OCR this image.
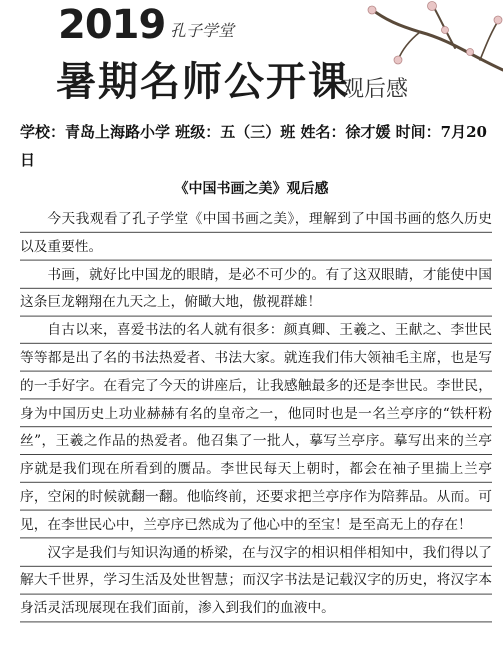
2019 孔子学堂
暑期名师公开课
观后感
学校：青岛上海路小学 班级：五（三）班 姓名：徐才媛 时间：7月20日
《中国书画之美》观后感

今天我观看了孔子学堂《中国书画之美》，理解到了中国书画的悠久历史以及重要性。

书画，就好比中国龙的眼睛，是必不可少的。有了这双眼睛，才能使中国这条巨龙翱翔在九天之上，俯瞰大地，傲视群雄！

自古以来，喜爱书法的名人就有很多：颜真卿、王羲之、王献之、李世民等等都是出了名的书法热爱者、书法大家。就连我们伟大领袖毛主席，也是写的一手好字。在看完了今天的讲座后，让我感触最多的还是李世民。李世民，身为中国历史上功业赫赫有名的皇帝之一，他同时也是一名兰亭序的“铁杆粉丝”，王羲之作品的热爱者。他召集了一批人，摹写兰亭序。摹写出来的兰亭序就是我们现在所看到的赝品。李世民每天上朝时，都会在袖子里揣上兰亭序，空闲的时候就翻一翻。他临终前，还要求把兰亭序作为陪葬品。从而。可见，在李世民心中，兰亭序已然成为了他心中的至宝！是至高无上的存在！

汉字是我们与知识沟通的桥梁，在与汉字的相识相伴相知中，我们得以了解大千世界，学习生活及处世智慧；而汉字书法是记载汉字的历史，将汉字本身活灵活现展现在我们面前，渗入到我们的血液中。
